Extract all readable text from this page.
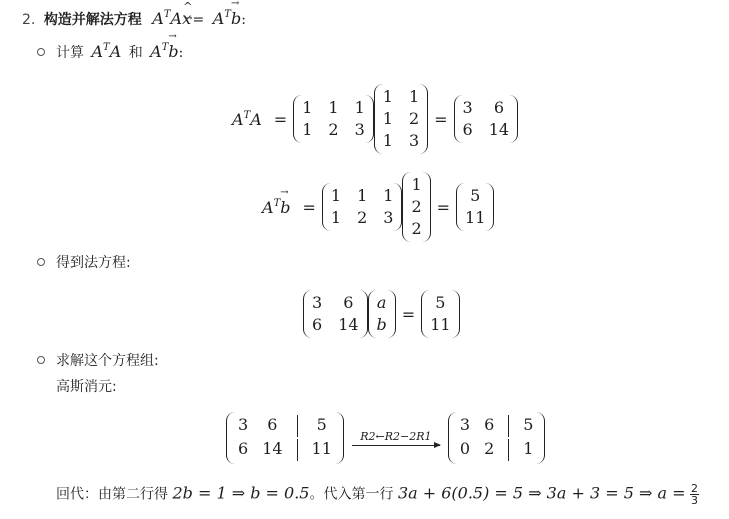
2. 构造并解法方程 $A^TA\^{}$ $x = A^T\to b$:
计算 $A^TA$ 和 $A^T\to b$:
$A^TA$ =
1 1 1
1 2 3
1 1
1 2
1 3
=
3	6
6 14
$A^T\to b$ =
1 1 1
1 2 3
1
2
2
=
5
11
得到法方程:
3	6
6 14
a
b
=
5
11
求解这个方程组:
高斯消元:
3	6	5
6 14 11
R2←R2−2R1
3 6 5
0 2 1
回代：由第二行得 2b = 1 ⇒ b = 0.5。代入第一行 3a + 6(0.5) = 5 ⇒ 3a + 3 = 5 ⇒ $a = \frac{2}{3}$
